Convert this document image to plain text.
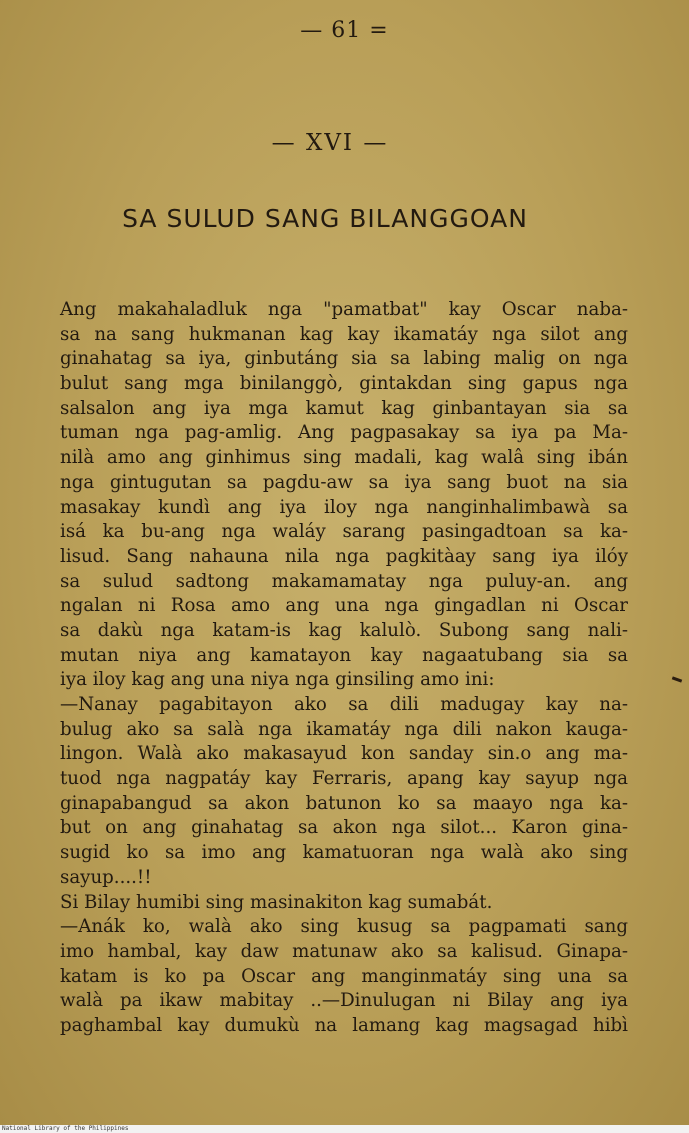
— 61 =
— XVI —
SA SULUD SANG BILANGGOAN
Ang makahaladluk nga "pamatbat" kay Oscar naba-
sa na sang hukmanan kag kay ikamatáy nga silot ang
ginahatag sa iya, ginbutáng sia sa labing malig on nga
bulut sang mga binilanggò, gintakdan sing gapus nga
salsalon ang iya mga kamut kag ginbantayan sia sa
tuman nga pag-amlig. Ang pagpasakay sa iya pa Ma-
nilà amo ang ginhimus sing madali, kag walâ sing ibán
nga gintugutan sa pagdu-aw sa iya sang buot na sia
masakay kundì ang iya iloy nga nanginhalimbawà sa
isá ka bu-ang nga waláy sarang pasingadtoan sa ka-
lisud. Sang nahauna nila nga pagkitàay sang iya ilóy
sa sulud sadtong makamamatay nga puluy-an. ang
ngalan ni Rosa amo ang una nga gingadlan ni Oscar
sa dakù nga katam-is kag kalulò. Subong sang nali-
mutan niya ang kamatayon kay nagaatubang sia sa
iya iloy kag ang una niya nga ginsiling amo ini:
—Nanay pagabitayon ako sa dili madugay kay na-
bulug ako sa salà nga ikamatáy nga dili nakon kauga-
lingon. Walà ako makasayud kon sanday sin.o ang ma-
tuod nga nagpatáy kay Ferraris, apang kay sayup nga
ginapabangud sa akon batunon ko sa maayo nga ka-
but on ang ginahatag sa akon nga silot... Karon gina-
sugid ko sa imo ang kamatuoran nga walà ako sing
sayup....!!
Si Bilay humibi sing masinakiton kag sumabát.
—Anák ko, walà ako sing kusug sa pagpamati sang
imo hambal, kay daw matunaw ako sa kalisud. Ginapa-
katam is ko pa Oscar ang manginmatáy sing una sa
walà pa ikaw mabitay ..—Dinulugan ni Bilay ang iya
paghambal kay dumukù na lamang kag magsagad hibì
National Library of the Philippines
